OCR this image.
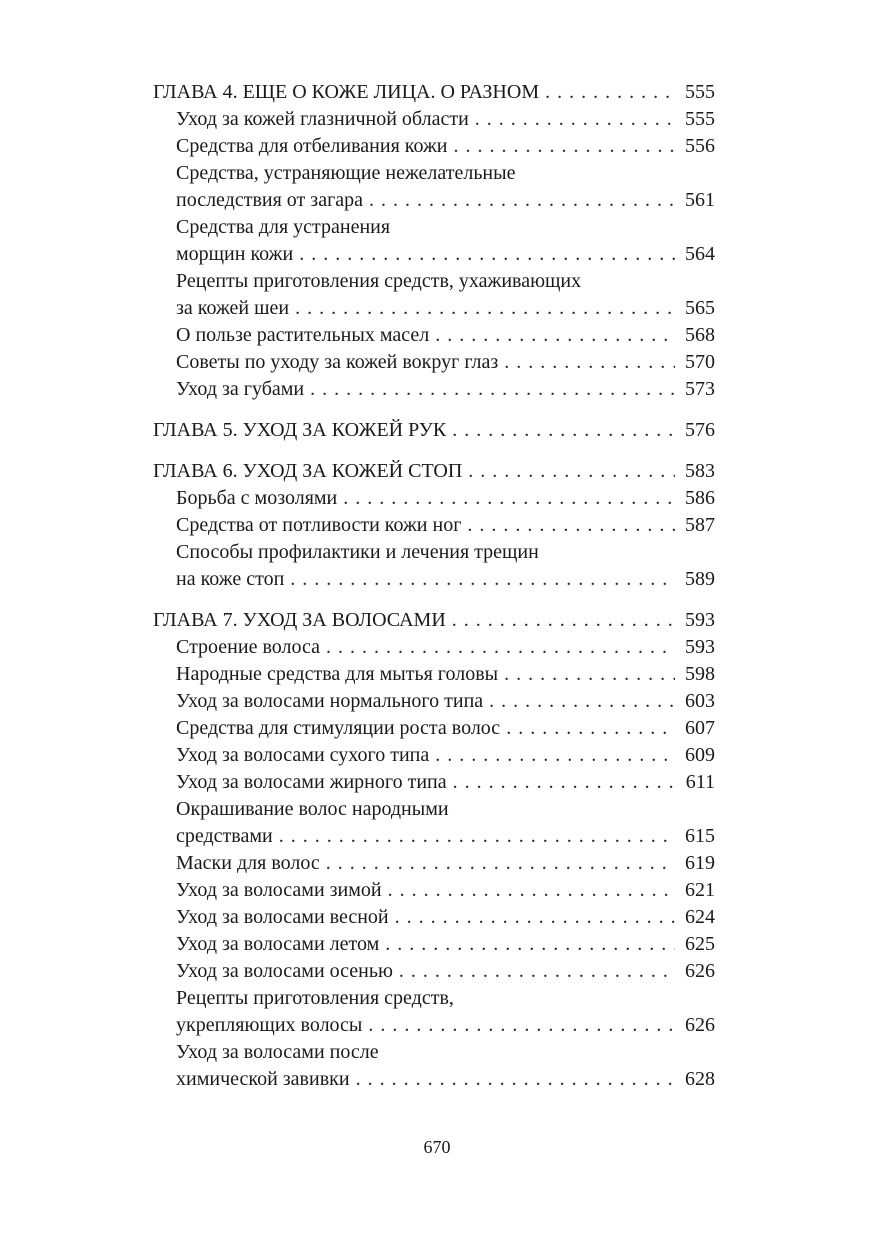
ГЛАВА 4. ЕЩЕ О КОЖЕ ЛИЦА. О РАЗНОМ . . .	555
Уход за кожей глазничной области . . .	555
Средства для отбеливания кожи . . .	556
Средства, устраняющие нежелательные
последствия от загара . . .	561
Средства для устранения
морщин кожи . . .	564
Рецепты приготовления средств, ухаживающих
за кожей шеи . . .	565
О пользе растительных масел . . .	568
Советы по уходу за кожей вокруг глаз . . .	570
Уход за губами . . .	573
ГЛАВА 5. УХОД ЗА КОЖЕЙ РУК . . .	576
ГЛАВА 6. УХОД ЗА КОЖЕЙ СТОП . . .	583
Борьба с мозолями . . .	586
Средства от потливости кожи ног . . .	587
Способы профилактики и лечения трещин
на коже стоп . . .	589
ГЛАВА 7. УХОД ЗА ВОЛОСАМИ . . .	593
Строение волоса . . .	593
Народные средства для мытья головы . . .	598
Уход за волосами нормального типа . . .	603
Средства для стимуляции роста волос . . .	607
Уход за волосами сухого типа . . .	609
Уход за волосами жирного типа . . .	611
Окрашивание волос народными
средствами . . .	615
Маски для волос . . .	619
Уход за волосами зимой . . .	621
Уход за волосами весной . . .	624
Уход за волосами летом . . .	625
Уход за волосами осенью . . .	626
Рецепты приготовления средств,
укрепляющих волосы . . .	626
Уход за волосами после
химической завивки . . .	628
670
